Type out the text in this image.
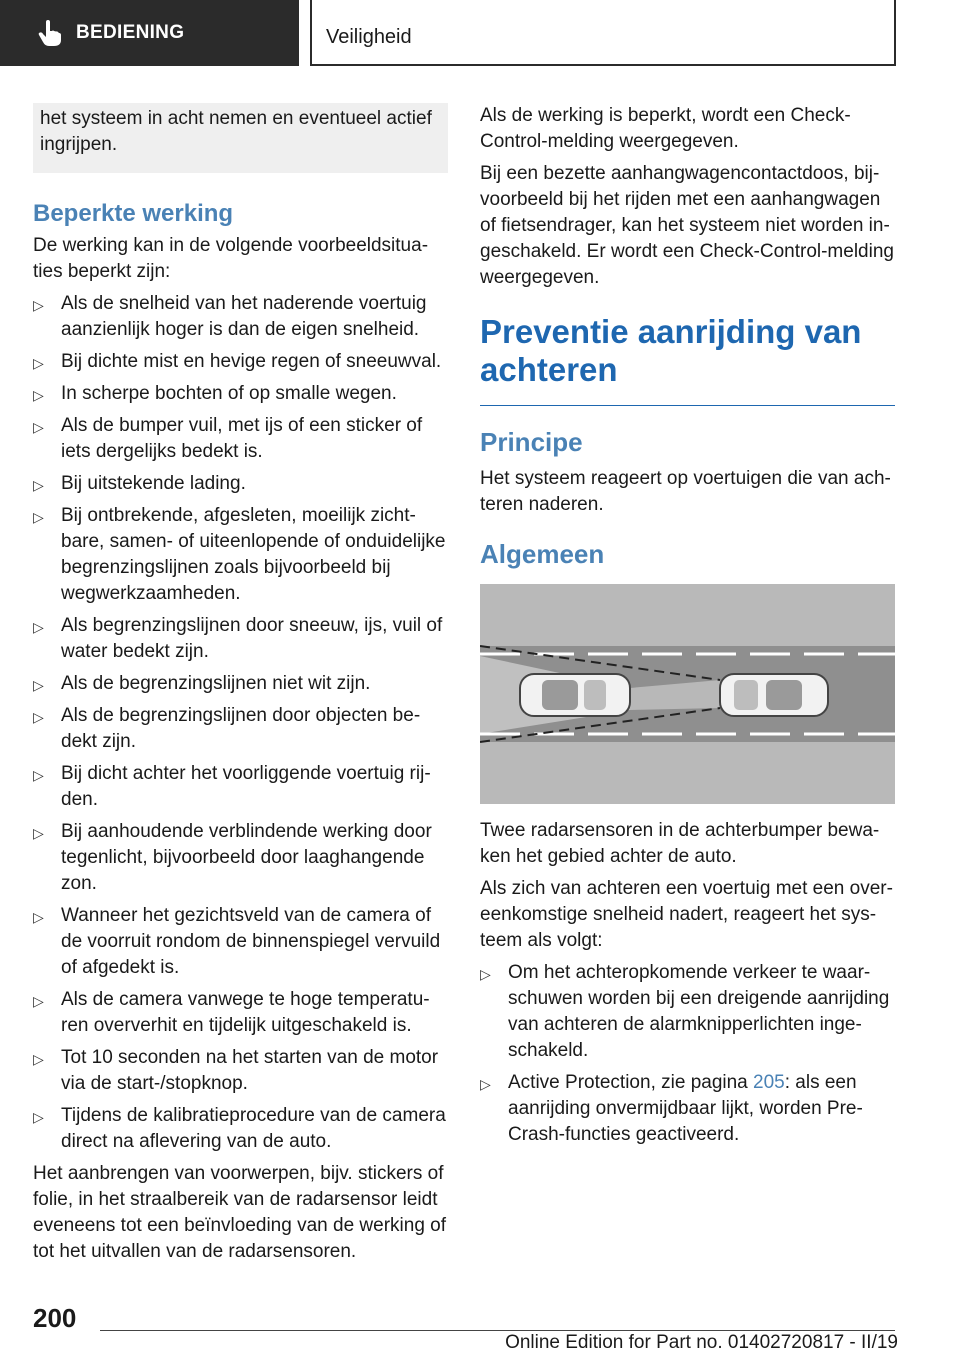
BEDIENING	Veiligheid

het systeem in acht nemen en eventueel actief ingrijpen.

Beperkte werking

De werking kan in de volgende voorbeeldsituaties beperkt zijn:

▷ Als de snelheid van het naderende voertuig aanzienlijk hoger is dan de eigen snelheid.
▷ Bij dichte mist en hevige regen of sneeuwval.
▷ In scherpe bochten of op smalle wegen.
▷ Als de bumper vuil, met ijs of een sticker of iets dergelijks bedekt is.
▷ Bij uitstekende lading.
▷ Bij ontbrekende, afgesleten, moeilijk zichtbare, samen- of uiteenlopende of onduidelijke begrenzingslijnen zoals bijvoorbeeld bij wegwerkzaamheden.
▷ Als begrenzingslijnen door sneeuw, ijs, vuil of water bedekt zijn.
▷ Als de begrenzingslijnen niet wit zijn.
▷ Als de begrenzingslijnen door objecten bedekt zijn.
▷ Bij dicht achter het voorliggende voertuig rijden.
▷ Bij aanhoudende verblindende werking door tegenlicht, bijvoorbeeld door laaghangende zon.
▷ Wanneer het gezichtsveld van de camera of de voorruit rondom de binnenspiegel vervuild of afgedekt is.
▷ Als de camera vanwege te hoge temperaturen oververhit en tijdelijk uitgeschakeld is.
▷ Tot 10 seconden na het starten van de motor via de start-/stopknop.
▷ Tijdens de kalibratieprocedure van de camera direct na aflevering van de auto.

Het aanbrengen van voorwerpen, bijv. stickers of folie, in het straalbereik van de radarsensor leidt eveneens tot een beïnvloeding van de werking of tot het uitvallen van de radarsensoren.

Als de werking is beperkt, wordt een Check-Control-melding weergegeven.

Bij een bezette aanhangwagencontactdoos, bijvoorbeeld bij het rijden met een aanhangwagen of fietsendrager, kan het systeem niet worden ingeschakeld. Er wordt een Check-Control-melding weergegeven.

Preventie aanrijding van achteren
Principe

Het systeem reageert op voertuigen die van achteren naderen.

Algemeen

Twee radarsensoren in de achterbumper bewaken het gebied achter de auto.

Als zich van achteren een voertuig met een overeenkomstige snelheid nadert, reageert het systeem als volgt:

▷ Om het achteropkomende verkeer te waarschuwen worden bij een dreigende aanrijding van achteren de alarmknipperlichten ingeschakeld.
▷ Active Protection, zie pagina 205: als een aanrijding onvermijdbaar lijkt, worden Pre-Crash-functies geactiveerd.
200
Online Edition for Part no. 01402720817 - II/19
